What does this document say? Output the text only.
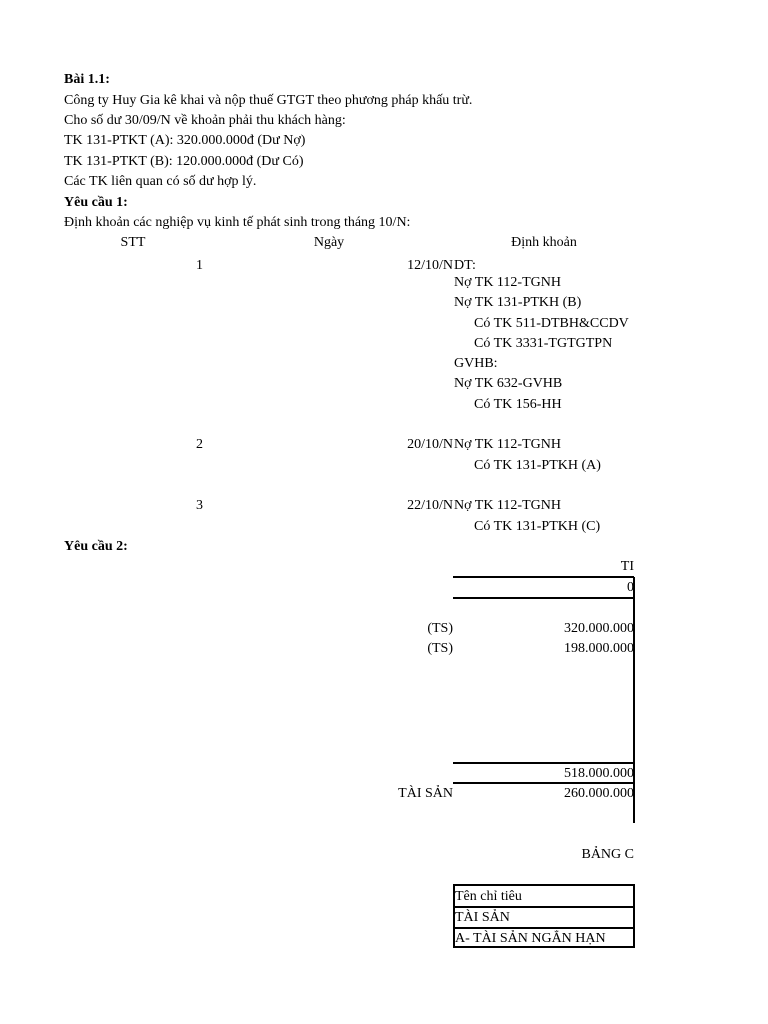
Bài 1.1:
Công ty Huy Gia kê khai và nộp thuế GTGT theo phương pháp khấu trừ.
Cho số dư 30/09/N về khoản phải thu khách hàng:
TK 131-PTKT (A): 320.000.000đ (Dư Nợ)
TK 131-PTKT (B): 120.000.000đ (Dư Có)
Các TK liên quan có số dư hợp lý.
Yêu cầu 1:
Định khoản các nghiệp vụ kinh tế phát sinh trong tháng 10/N:
STT	Ngày	Định khoản
1	12/10/N DT:
Nợ TK 112-TGNH
Nợ TK 131-PTKH (B)
Có TK 511-DTBH&CCDV
Có TK 3331-TGTGTPN
GVHB:
Nợ TK 632-GVHB
Có TK 156-HH
2	20/10/N Nợ TK 112-TGNH
Có TK 131-PTKH (A)
3	22/10/N Nợ TK 112-TGNH
Có TK 131-PTKH (C)
Yêu cầu 2:
TI
0
(TS)	320.000.000
(TS)	198.000.000
518.000.000
TÀI SẢN	260.000.000
BẢNG C
Tên chỉ tiêu
TÀI SẢN
A- TÀI SẢN NGẮN HẠN
